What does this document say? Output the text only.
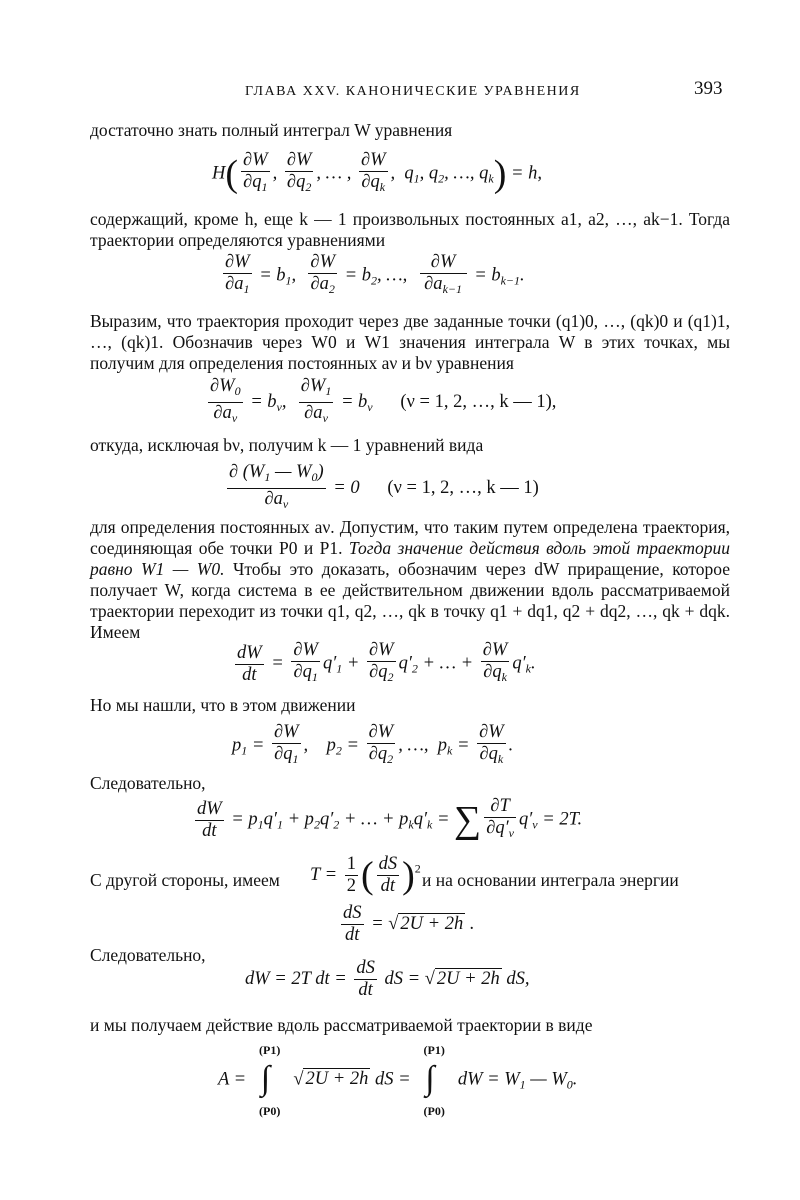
ГЛАВА XXV. КАНОНИЧЕСКИЕ УРАВНЕНИЯ	393
достаточно знать полный интеграл W уравнения
$H( \frac{\partial W}{\partial q_1}$ , $\frac{\partial W}{\partial q_2}$ , … , $\frac{\partial W}{\partial q_k}$ ,  $q_1$, $q_2$, …, $q_k) = h$,
содержащий, кроме h, еще k — 1 произвольных постоянных a1, a2, …, ak−1. Тогда траектории определяются уравнениями
$\frac{\partial W}{\partial a_1} = b_1$, $\frac{\partial W}{\partial a_2} = b_2$, …, $\frac{\partial W}{\partial a_{k-1}} = b_{k-1}$.
Выразим, что траектория проходит через две заданные точки (q1)0, …, (qk)0 и (q1)1, …, (qk)1. Обозначив через W0 и W1 значения интеграла W в этих точках, мы получим для определения постоянных aν и bν уравнения
$\frac{\partial W_0}{\partial a_\nu} = b_\nu$, $\frac{\partial W_1}{\partial a_\nu} = b_\nu$ (ν = 1, 2, …, k — 1),
откуда, исключая bν, получим k — 1 уравнений вида
$\frac{\partial (W_1 — W_0)}{\partial a_\nu} = 0$      (ν = 1, 2, …, k — 1)
для определения постоянных aν. Допустим, что таким путем определена траектория, соединяющая обе точки P0 и P1. Тогда значение действия вдоль этой траектории равно W1 — W0. Чтобы это доказать, обозначим через dW приращение, которое получает W, когда система в ее действительном движении вдоль рассматриваемой траектории переходит из точки q1, q2, …, qk в точку q1 + dq1, q2 + dq2, …, qk + dqk. Имеем
$\frac{dW}{dt} = \frac{\partial W}{\partial q_1} q'_1 + \frac{\partial W}{\partial q_2} q'_2$ + … + $\frac{\partial W}{\partial q_k} q'_k$.
Но мы нашли, что в этом движении
$p_1 = \frac{\partial W}{\partial q_1}$ ,    $p_2 = \frac{\partial W}{\partial q_2}$ , …,  $p_k = \frac{\partial W}{\partial q_k}$ .
Следовательно,
$\frac{dW}{dt} = p_1q'_1 + p_2q'_2$ + … + $p_kq'_k$ = ∑ $\frac{\partial T}{\partial q'_\nu} q'_\nu = 2T$.
С другой стороны, имеем $T = \frac{1}{2}$ ( $\frac{dS}{dt} )^2$
и на основании интеграла энергии
$\frac{dS}{dt}$ = √ 2U + 2h .
Следовательно,
dW = 2T dt = $\frac{dS}{dt}$ dS = √ 2U + 2h dS,
и мы получаем действие вдоль рассматриваемой траектории в виде
A =
(P1)
∫
(P0)
√ 2U + 2h dS =
(P1)
∫
(P0)
dW = $W_1$ — $W_0$.
